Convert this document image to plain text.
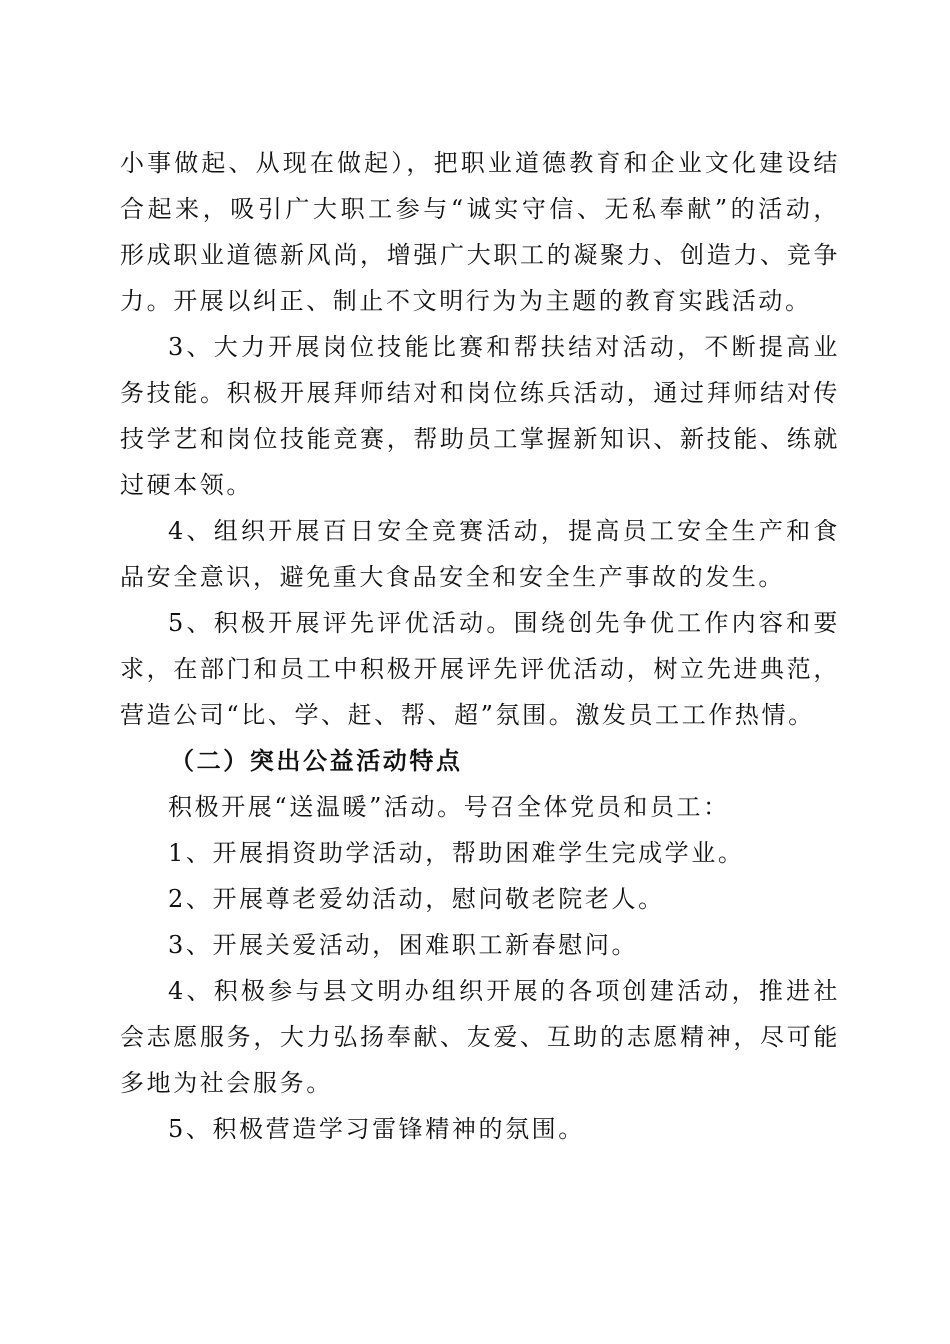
小事做起、从现在做起），把职业道德教育和企业文化建设结合起来，吸引广大职工参与“诚实守信、无私奉献”的活动，形成职业道德新风尚，增强广大职工的凝聚力、创造力、竞争力。开展以纠正、制止不文明行为为主题的教育实践活动。

3、大力开展岗位技能比赛和帮扶结对活动，不断提高业务技能。积极开展拜师结对和岗位练兵活动，通过拜师结对传技学艺和岗位技能竞赛，帮助员工掌握新知识、新技能、练就过硬本领。

4、组织开展百日安全竞赛活动，提高员工安全生产和食品安全意识，避免重大食品安全和安全生产事故的发生。

5、积极开展评先评优活动。围绕创先争优工作内容和要求，在部门和员工中积极开展评先评优活动，树立先进典范，营造公司“比、学、赶、帮、超”氛围。激发员工工作热情。

（二）突出公益活动特点

积极开展“送温暖”活动。号召全体党员和员工：

1、开展捐资助学活动，帮助困难学生完成学业。

2、开展尊老爱幼活动，慰问敬老院老人。

3、开展关爱活动，困难职工新春慰问。

4、积极参与县文明办组织开展的各项创建活动，推进社会志愿服务，大力弘扬奉献、友爱、互助的志愿精神，尽可能多地为社会服务。

5、积极营造学习雷锋精神的氛围。
